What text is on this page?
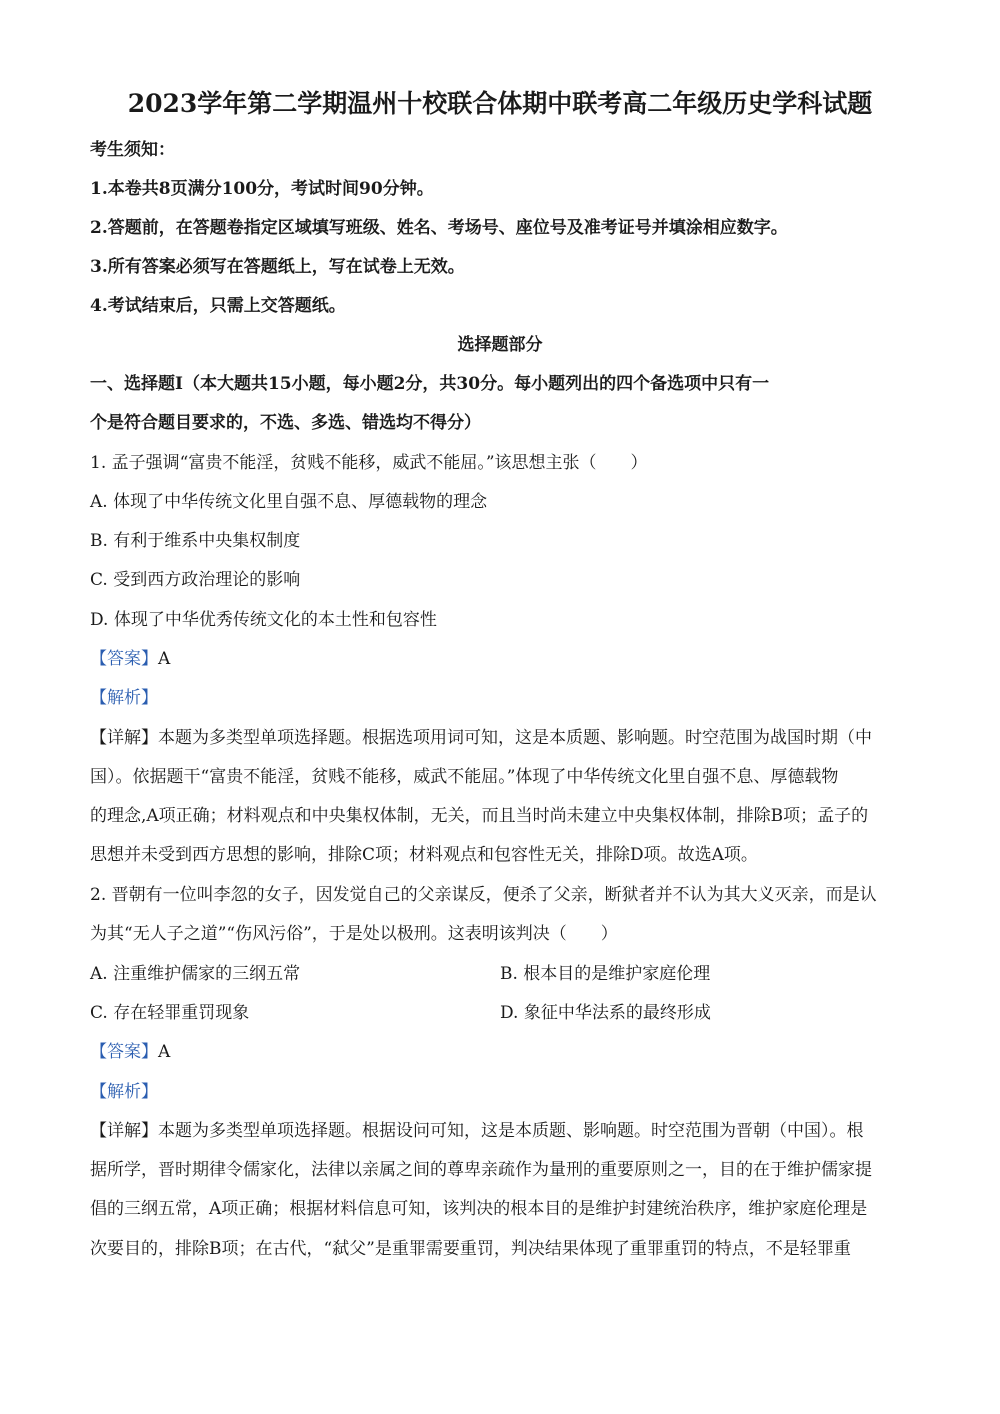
2023学年第二学期温州十校联合体期中联考高二年级历史学科试题
考生须知：
1.本卷共8页满分100分，考试时间90分钟。
2.答题前，在答题卷指定区域填写班级、姓名、考场号、座位号及准考证号并填涂相应数字。
3.所有答案必须写在答题纸上，写在试卷上无效。
4.考试结束后，只需上交答题纸。
选择题部分
一、选择题Ⅰ（本大题共15小题，每小题2分，共30分。每小题列出的四个备选项中只有一
个是符合题目要求的，不选、多选、错选均不得分）
1. 孟子强调“富贵不能淫，贫贱不能移，威武不能屈。”该思想主张（　　）
A. 体现了中华传统文化里自强不息、厚德载物的理念
B. 有利于维系中央集权制度
C. 受到西方政治理论的影响
D. 体现了中华优秀传统文化的本土性和包容性
【答案】A
【解析】
【详解】本题为多类型单项选择题。根据选项用词可知，这是本质题、影响题。时空范围为战国时期（中
国）。依据题干“富贵不能淫，贫贱不能移，威武不能屈。”体现了中华传统文化里自强不息、厚德载物
的理念,A项正确；材料观点和中央集权体制，无关，而且当时尚未建立中央集权体制，排除B项；孟子的
思想并未受到西方思想的影响，排除C项；材料观点和包容性无关，排除D项。故选A项。
2. 晋朝有一位叫李忽的女子，因发觉自己的父亲谋反，便杀了父亲，断狱者并不认为其大义灭亲，而是认
为其“无人子之道”“伤风污俗”，于是处以极刑。这表明该判决（　　）
A. 注重维护儒家的三纲五常	B. 根本目的是维护家庭伦理
C. 存在轻罪重罚现象	D. 象征中华法系的最终形成
【答案】A
【解析】
【详解】本题为多类型单项选择题。根据设问可知，这是本质题、影响题。时空范围为晋朝（中国）。根
据所学，晋时期律令儒家化，法律以亲属之间的尊卑亲疏作为量刑的重要原则之一，目的在于维护儒家提
倡的三纲五常，A项正确；根据材料信息可知，该判决的根本目的是维护封建统治秩序，维护家庭伦理是
次要目的，排除B项；在古代，“弑父”是重罪需要重罚，判决结果体现了重罪重罚的特点，不是轻罪重
